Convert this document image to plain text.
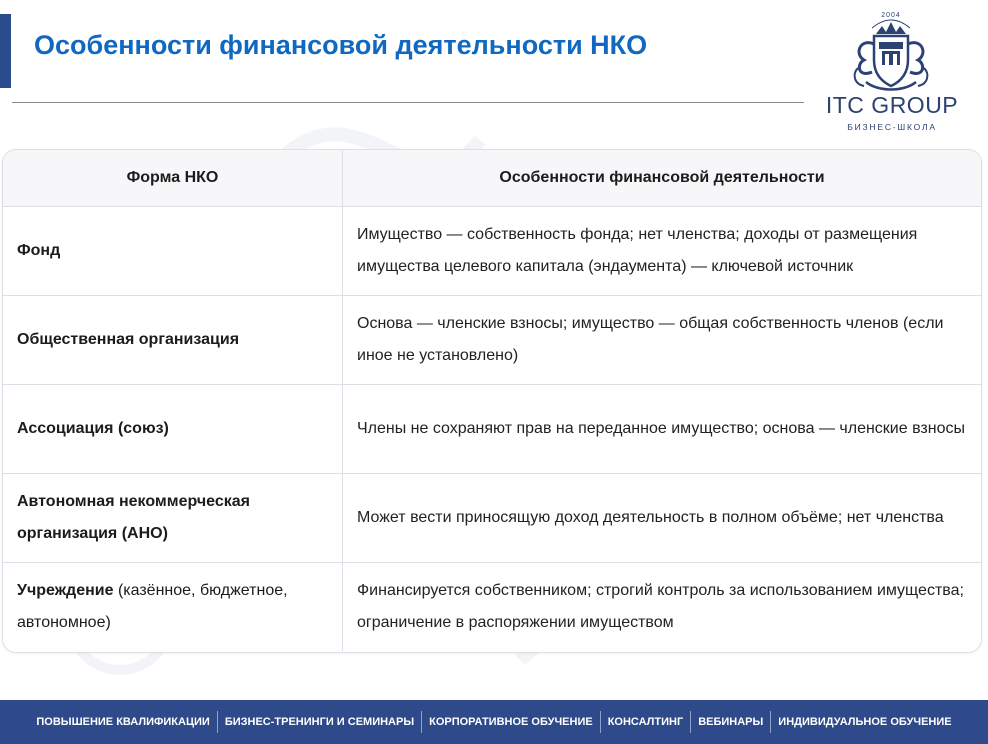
Особенности финансовой деятельности НКО
2004
ITC GROUP
БИЗНЕС-ШКОЛА
Форма НКО	Особенности финансовой деятельности
Фонд	Имущество — собственность фонда; нет членства; доходы от размещения имущества целевого капитала (эндаумента) — ключевой источник
Общественная организация	Основа — членские взносы; имущество — общая собственность членов (если иное не установлено)
Ассоциация (союз)	Члены не сохраняют прав на переданное имущество; основа — членские взносы
Автономная некоммерческая организация (АНО)	Может вести приносящую доход деятельность в полном объёме; нет членства
Учреждение (казённое, бюджетное, автономное)	Финансируется собственником; строгий контроль за использованием имущества; ограничение в распоряжении имуществом
ПОВЫШЕНИЕ КВАЛИФИКАЦИИ	БИЗНЕС-ТРЕНИНГИ И СЕМИНАРЫ	КОРПОРАТИВНОЕ ОБУЧЕНИЕ	КОНСАЛТИНГ	ВЕБИНАРЫ	ИНДИВИДУАЛЬНОЕ ОБУЧЕНИЕ
